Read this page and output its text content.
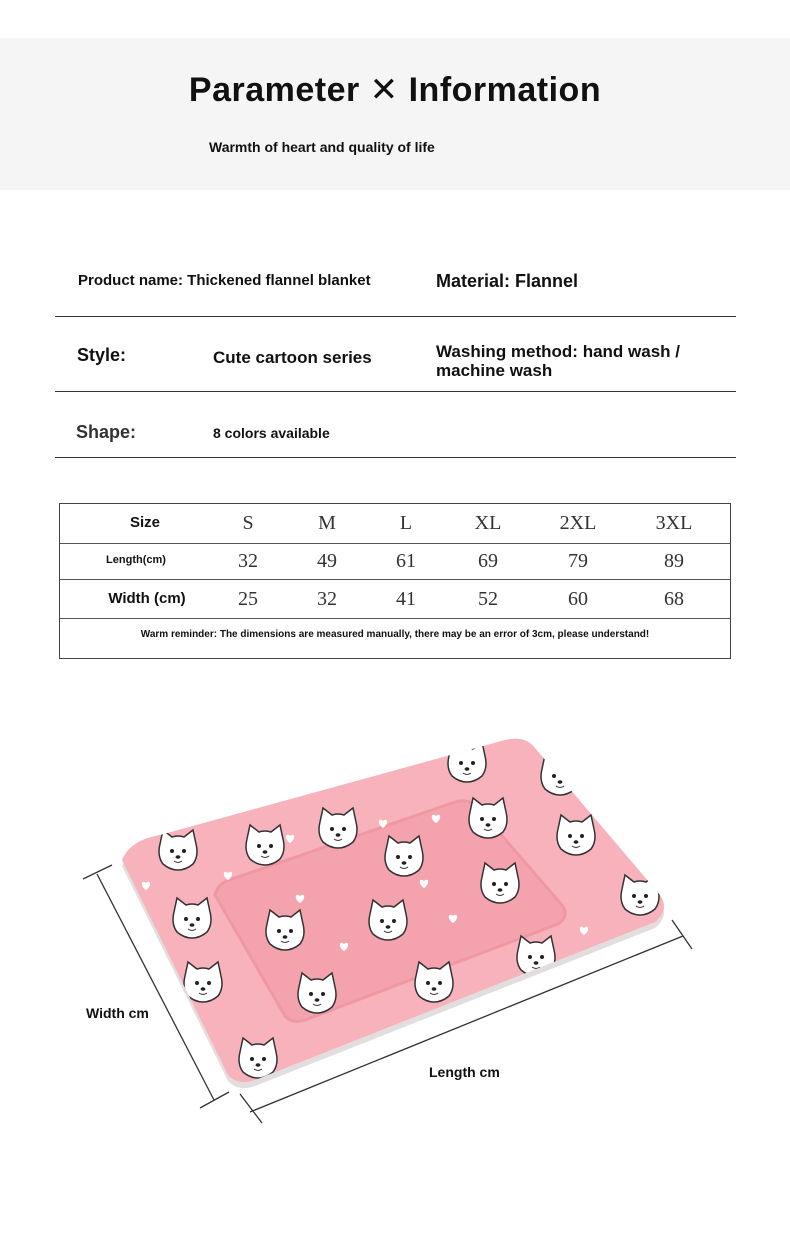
Parameter ✕ Information
Warmth of heart and quality of life
Product name: Thickened flannel blanket	Material: Flannel
Style:	Cute cartoon series	Washing method: hand wash /
machine wash
Shape:	8 colors available
Size	S	M	L	XL	2XL	3XL
Length(cm)	32	49	61	69	79	89
Width (cm)	25	32	41	52	60	68
Warm reminder: The dimensions are measured manually, there may be an error of 3cm, please understand!
Width cm
Length cm
